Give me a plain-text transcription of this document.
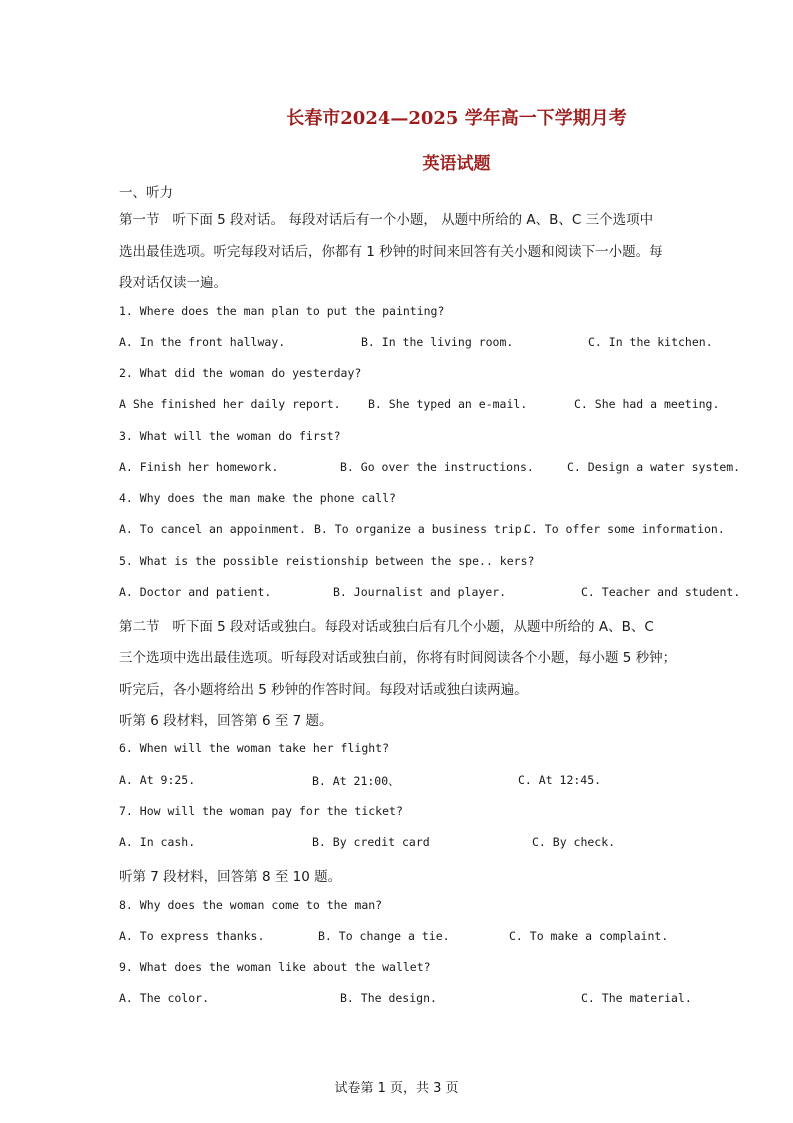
长春市2024—2025 学年高一下学期月考
英语试题
一、听力
第一节   听下面 5 段对话。 每段对话后有一个小题， 从题中所给的 A、B、C 三个选项中
选出最佳选项。听完每段对话后，你都有 1 秒钟的时间来回答有关小题和阅读下一小题。每
段对话仅读一遍。
1. Where does the man plan to put the painting?
A. In the front hallway.	B. In the living room.	C. In the kitchen.
2. What did the woman do yesterday?
A She finished her daily report. B. She typed an e-mail.	C. She had a meeting.
3. What will the woman do first?
A. Finish her homework.	B. Go over the instructions.	C. Design a water system.
4. Why does the man make the phone call?
A. To cancel an appoinment. B. To organize a business trip.
C. To offer some information.
5. What is the possible reistionship between the spe.. kers?
A. Doctor and patient.	B. Journalist and player.	C. Teacher and student.
第二节   听下面 5 段对话或独白。每段对话或独白后有几个小题，从题中所给的 A、B、C
三个选项中选出最佳选项。听每段对话或独白前，你将有时间阅读各个小题，每小题 5 秒钟；
听完后，各小题将给出 5 秒钟的作答时间。每段对话或独白读两遍。
听第 6 段材料，回答第 6 至 7 题。
6. When will the woman take her flight?
A. At 9:25.	B. At 21:00、	C. At 12:45.
7. How will the woman pay for the ticket?
A. In cash.	B. By credit card	C. By check.
听第 7 段材料，回答第 8 至 10 题。
8. Why does the woman come to the man?
A. To express thanks.	B. To change a tie.	C. To make a complaint.
9. What does the woman like about the wallet?
A. The color.	B. The design.	C. The material.
试卷第 1 页，共 3 页
